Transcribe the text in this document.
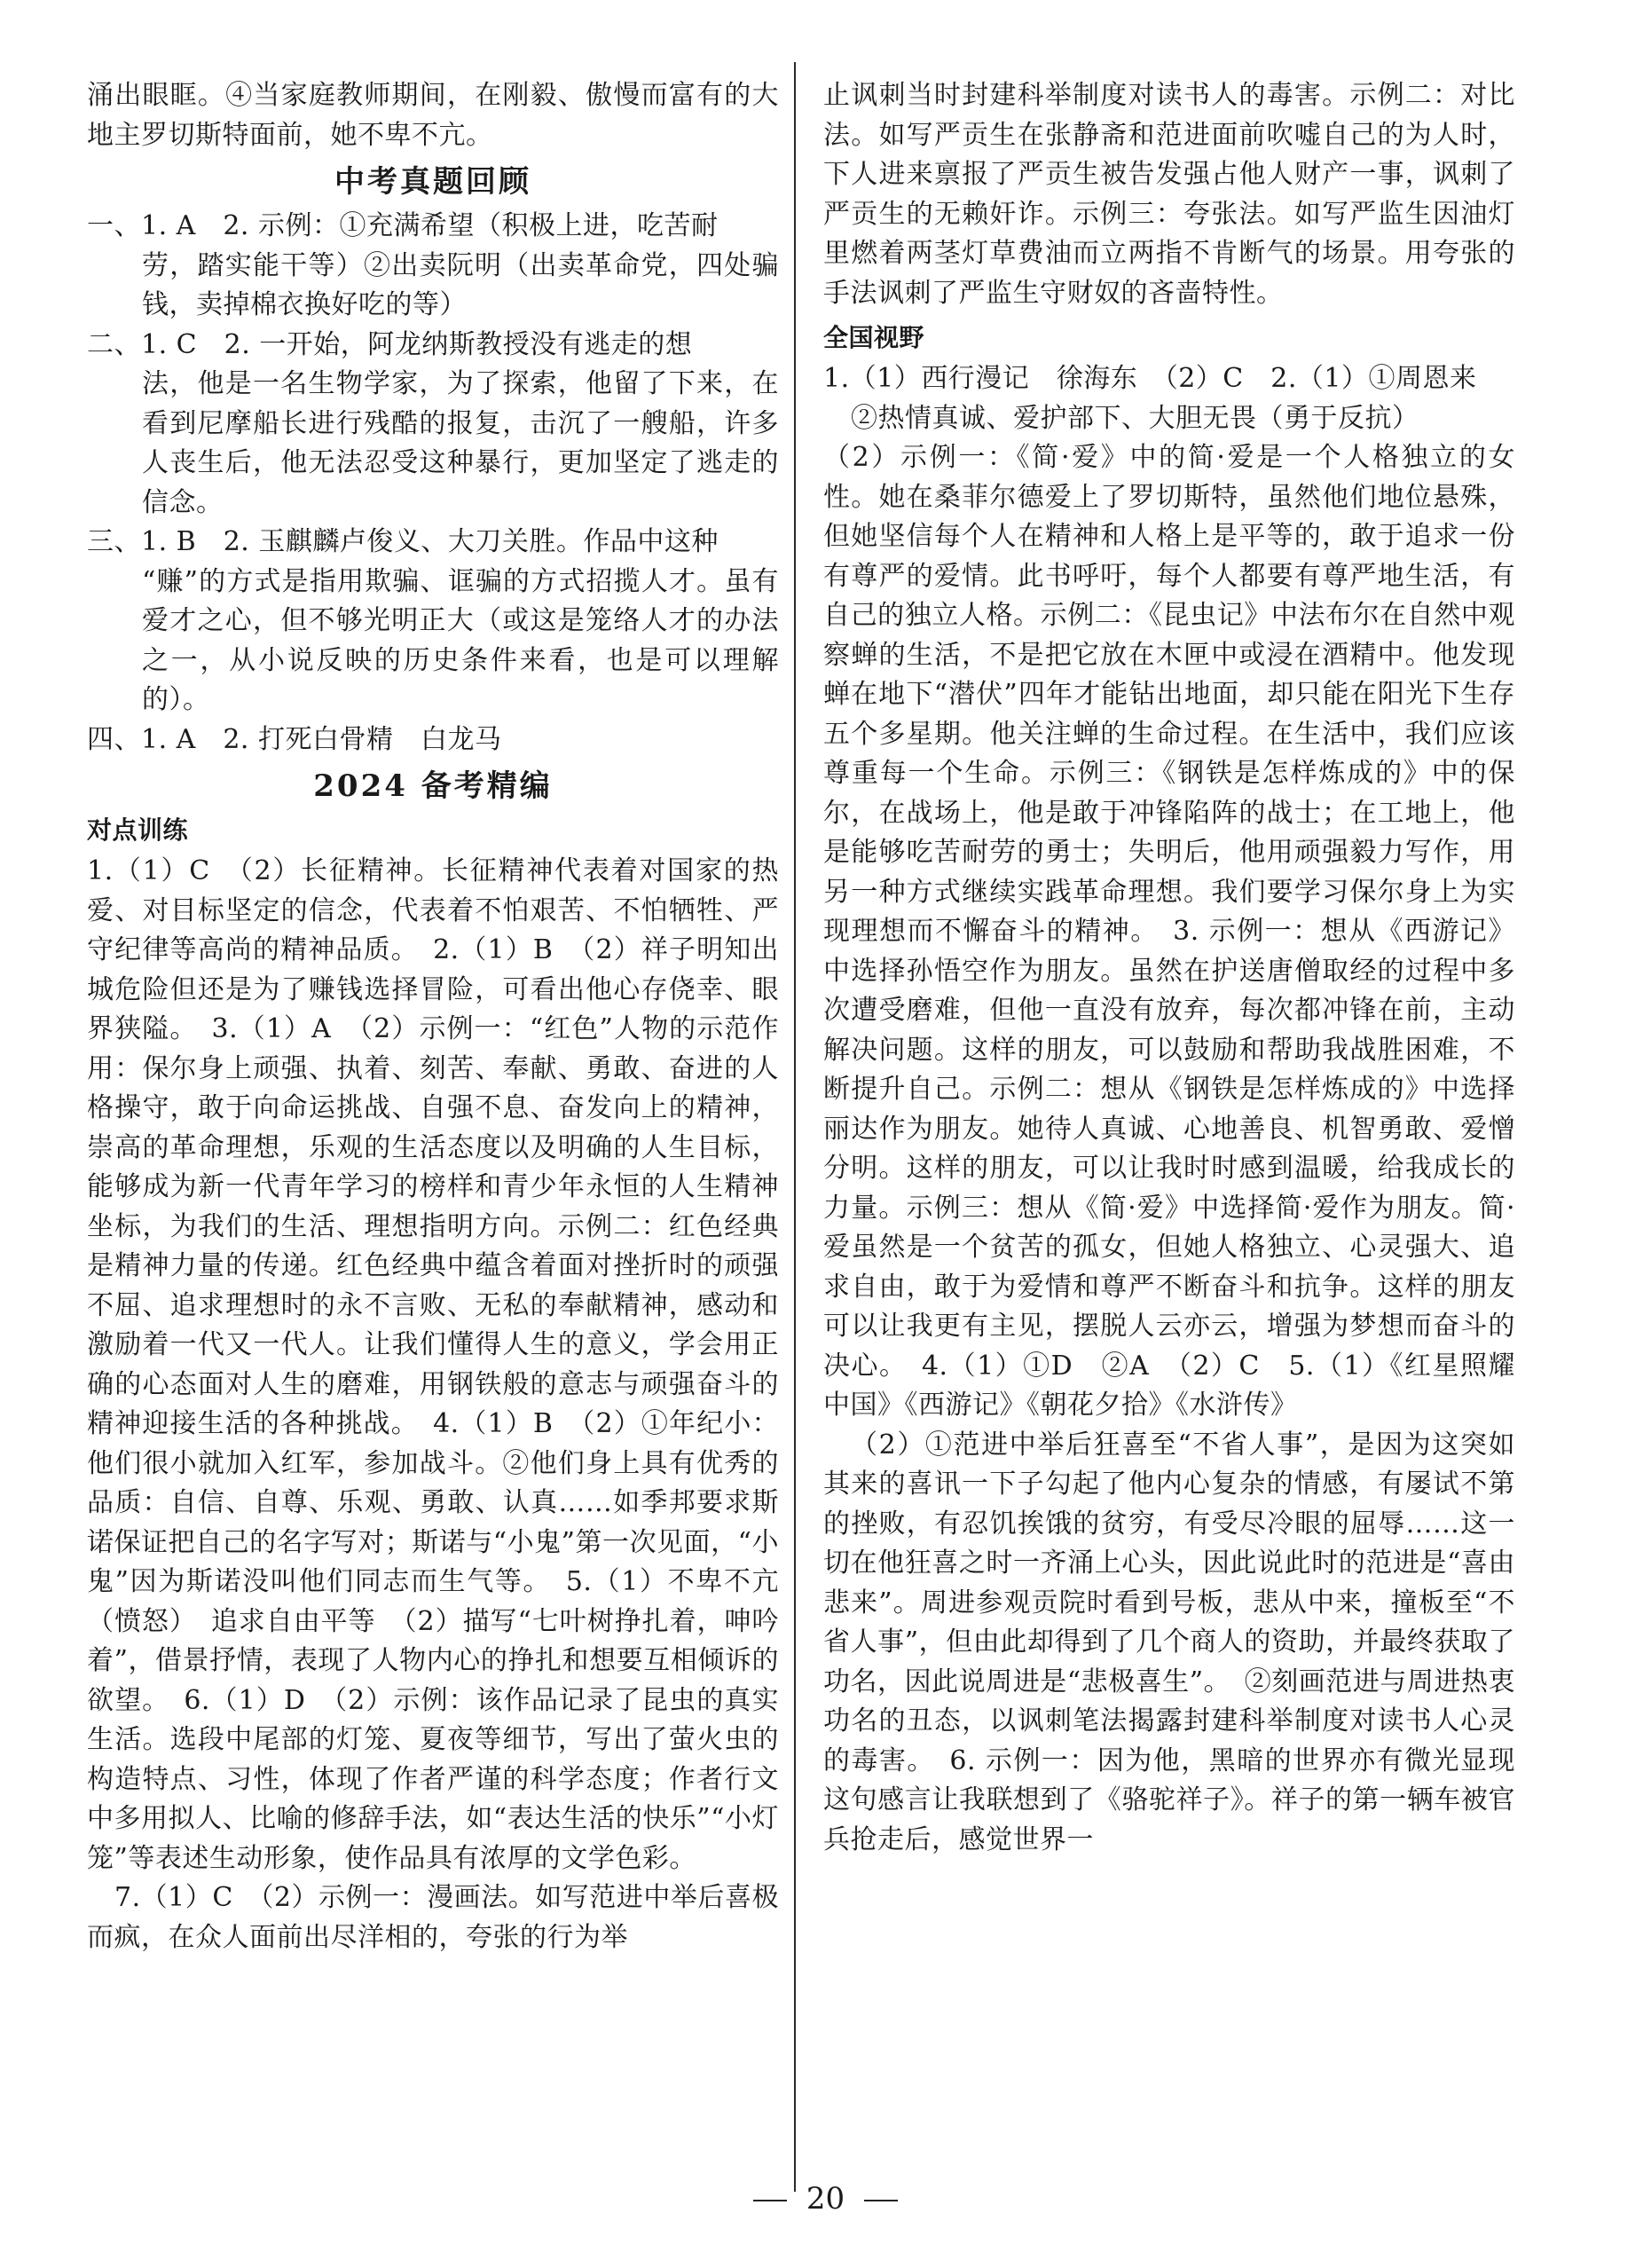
涌出眼眶。④当家庭教师期间，在刚毅、傲慢而富有的大地主罗切斯特面前，她不卑不亢。

中考真题回顾

一、1. A　2. 示例：①充满希望（积极上进，吃苦耐

劳，踏实能干等）②出卖阮明（出卖革命党，四处骗钱，卖掉棉衣换好吃的等）

二、1. C　2. 一开始，阿龙纳斯教授没有逃走的想

法，他是一名生物学家，为了探索，他留了下来，在看到尼摩船长进行残酷的报复，击沉了一艘船，许多人丧生后，他无法忍受这种暴行，更加坚定了逃走的信念。

三、1. B　2. 玉麒麟卢俊义、大刀关胜。作品中这种

“赚”的方式是指用欺骗、诓骗的方式招揽人才。虽有爱才之心，但不够光明正大（或这是笼络人才的办法之一，从小说反映的历史条件来看，也是可以理解的）。

四、1. A　2. 打死白骨精　白龙马

2024 备考精编
对点训练

1.（1）C　（2）长征精神。长征精神代表着对国家的热爱、对目标坚定的信念，代表着不怕艰苦、不怕牺牲、严守纪律等高尚的精神品质。　2.（1）B　（2）祥子明知出城危险但还是为了赚钱选择冒险，可看出他心存侥幸、眼界狭隘。　3.（1）A　（2）示例一：“红色”人物的示范作用：保尔身上顽强、执着、刻苦、奉献、勇敢、奋进的人格操守，敢于向命运挑战、自强不息、奋发向上的精神，崇高的革命理想，乐观的生活态度以及明确的人生目标，能够成为新一代青年学习的榜样和青少年永恒的人生精神坐标，为我们的生活、理想指明方向。示例二：红色经典是精神力量的传递。红色经典中蕴含着面对挫折时的顽强不屈、追求理想时的永不言败、无私的奉献精神，感动和激励着一代又一代人。让我们懂得人生的意义，学会用正确的心态面对人生的磨难，用钢铁般的意志与顽强奋斗的精神迎接生活的各种挑战。　4.（1）B　（2）①年纪小：他们很小就加入红军，参加战斗。②他们身上具有优秀的品质：自信、自尊、乐观、勇敢、认真……如季邦要求斯诺保证把自己的名字写对；斯诺与“小鬼”第一次见面，“小鬼”因为斯诺没叫他们同志而生气等。　5.（1）不卑不亢（愤怒）　追求自由平等　（2）描写“七叶树挣扎着，呻吟着”，借景抒情，表现了人物内心的挣扎和想要互相倾诉的欲望。　6.（1）D　（2）示例：该作品记录了昆虫的真实生活。选段中尾部的灯笼、夏夜等细节，写出了萤火虫的构造特点、习性，体现了作者严谨的科学态度；作者行文中多用拟人、比喻的修辞手法，如“表达生活的快乐”“小灯笼”等表述生动形象，使作品具有浓厚的文学色彩。

7.（1）C　（2）示例一：漫画法。如写范进中举后喜极而疯，在众人面前出尽洋相的，夸张的行为举

止讽刺当时封建科举制度对读书人的毒害。示例二：对比法。如写严贡生在张静斋和范进面前吹嘘自己的为人时，下人进来禀报了严贡生被告发强占他人财产一事，讽刺了严贡生的无赖奸诈。示例三：夸张法。如写严监生因油灯里燃着两茎灯草费油而立两指不肯断气的场景。用夸张的手法讽刺了严监生守财奴的吝啬特性。

全国视野

1.（1）西行漫记　徐海东　（2）C　2.（1）①周恩来

②热情真诚、爱护部下、大胆无畏（勇于反抗）

（2）示例一：《简·爱》中的简·爱是一个人格独立的女性。她在桑菲尔德爱上了罗切斯特，虽然他们地位悬殊，但她坚信每个人在精神和人格上是平等的，敢于追求一份有尊严的爱情。此书呼吁，每个人都要有尊严地生活，有自己的独立人格。示例二：《昆虫记》中法布尔在自然中观察蝉的生活，不是把它放在木匣中或浸在酒精中。他发现蝉在地下“潜伏”四年才能钻出地面，却只能在阳光下生存五个多星期。他关注蝉的生命过程。在生活中，我们应该尊重每一个生命。示例三：《钢铁是怎样炼成的》中的保尔，在战场上，他是敢于冲锋陷阵的战士；在工地上，他是能够吃苦耐劳的勇士；失明后，他用顽强毅力写作，用另一种方式继续实践革命理想。我们要学习保尔身上为实现理想而不懈奋斗的精神。　3. 示例一：想从《西游记》中选择孙悟空作为朋友。虽然在护送唐僧取经的过程中多次遭受磨难，但他一直没有放弃，每次都冲锋在前，主动解决问题。这样的朋友，可以鼓励和帮助我战胜困难，不断提升自己。示例二：想从《钢铁是怎样炼成的》中选择丽达作为朋友。她待人真诚、心地善良、机智勇敢、爱憎分明。这样的朋友，可以让我时时感到温暖，给我成长的力量。示例三：想从《简·爱》中选择简·爱作为朋友。简·爱虽然是一个贫苦的孤女，但她人格独立、心灵强大、追求自由，敢于为爱情和尊严不断奋斗和抗争。这样的朋友可以让我更有主见，摆脱人云亦云，增强为梦想而奋斗的决心。　4.（1）①D　②A　（2）C　5.（1）《红星照耀中国》《西游记》《朝花夕拾》《水浒传》

（2）①范进中举后狂喜至“不省人事”，是因为这突如其来的喜讯一下子勾起了他内心复杂的情感，有屡试不第的挫败，有忍饥挨饿的贫穷，有受尽冷眼的屈辱……这一切在他狂喜之时一齐涌上心头，因此说此时的范进是“喜由悲来”。周进参观贡院时看到号板，悲从中来，撞板至“不省人事”，但由此却得到了几个商人的资助，并最终获取了功名，因此说周进是“悲极喜生”。　②刻画范进与周进热衷功名的丑态，以讽刺笔法揭露封建科举制度对读书人心灵的毒害。　6. 示例一：因为他，黑暗的世界亦有微光显现　这句感言让我联想到了《骆驼祥子》。祥子的第一辆车被官兵抢走后，感觉世界一

20
